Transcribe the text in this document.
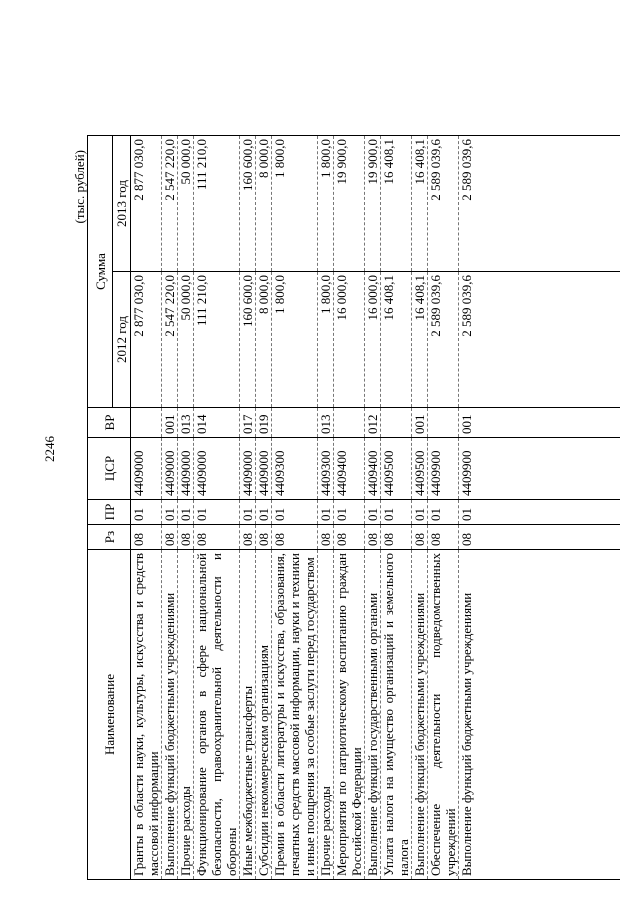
2246
(тыс. рублей)
Наименование	Рз	ПР	ЦСР	ВР	Сумма	
					2012 год	2013 год

Гранты в области науки, культуры, искусства и средств массовой информации	08	01	4409000		2 877 030,0	2 877 030,0

Выполнение функций бюджетными учреждениями	08	01	4409000	001	2 547 220,0	2 547 220,0

Прочие расходы	08	01	4409000	013	50 000,0	50 000,0

Функционирование органов в сфере национальной безопасности, правоохранительной деятельности и обороны	08	01	4409000	014	111 210,0	111 210,0

Иные межбюджетные трансферты	08	01	4409000	017	160 600,0	160 600,0

Субсидии некоммерческим организациям	08	01	4409000	019	8 000,0	8 000,0

Премии в области литературы и искусства, образования, печатных средств массовой информации, науки и техники и иные поощрения за особые заслуги перед государством	08	01	4409300		1 800,0	1 800,0

Прочие расходы	08	01	4409300	013	1 800,0	1 800,0

Мероприятия по патриотическому воспитанию граждан Российской Федерации	08	01	4409400		16 000,0	19 900,0

Выполнение функций государственными органами	08	01	4409400	012	16 000,0	19 900,0

Уплата налога на имущество организаций и земельного налога	08	01	4409500		16 408,1	16 408,1

Выполнение функций бюджетными учреждениями	08	01	4409500	001	16 408,1	16 408,1

Обеспечение деятельности подведомственных учреждений	08	01	4409900		2 589 039,6	2 589 039,6

Выполнение функций бюджетными учреждениями	08	01	4409900	001	2 589 039,6	2 589 039,6
